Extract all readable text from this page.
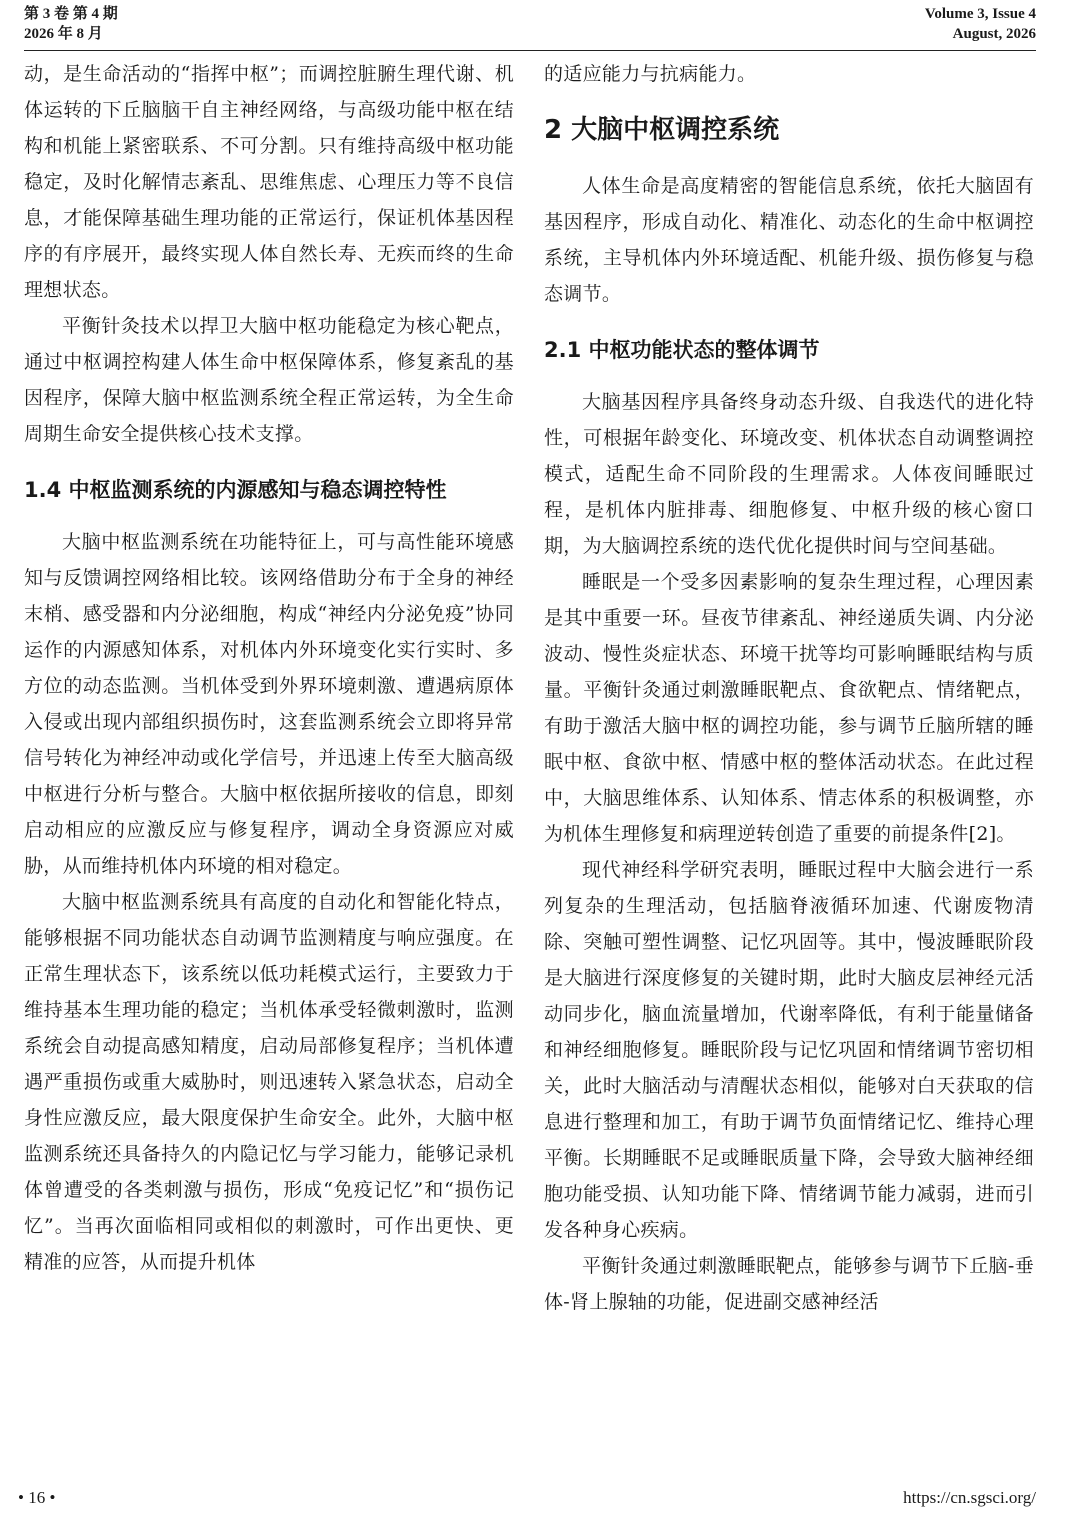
第 3 卷 第 4 期
2026 年 8 月
Volume 3, Issue 4
August, 2026

动，是生命活动的“指挥中枢”；而调控脏腑生理代谢、机体运转的下丘脑脑干自主神经网络，与高级功能中枢在结构和机能上紧密联系、不可分割。只有维持高级中枢功能稳定，及时化解情志紊乱、思维焦虑、心理压力等不良信息，才能保障基础生理功能的正常运行，保证机体基因程序的有序展开，最终实现人体自然长寿、无疾而终的生命理想状态。

平衡针灸技术以捍卫大脑中枢功能稳定为核心靶点，通过中枢调控构建人体生命中枢保障体系，修复紊乱的基因程序，保障大脑中枢监测系统全程正常运转，为全生命周期生命安全提供核心技术支撑。

1.4 中枢监测系统的内源感知与稳态调控特性

大脑中枢监测系统在功能特征上，可与高性能环境感知与反馈调控网络相比较。该网络借助分布于全身的神经末梢、感受器和内分泌细胞，构成“神经内分泌免疫”协同运作的内源感知体系，对机体内外环境变化实行实时、多方位的动态监测。当机体受到外界环境刺激、遭遇病原体入侵或出现内部组织损伤时，这套监测系统会立即将异常信号转化为神经冲动或化学信号，并迅速上传至大脑高级中枢进行分析与整合。大脑中枢依据所接收的信息，即刻启动相应的应激反应与修复程序，调动全身资源应对威胁，从而维持机体内环境的相对稳定。

大脑中枢监测系统具有高度的自动化和智能化特点，能够根据不同功能状态自动调节监测精度与响应强度。在正常生理状态下，该系统以低功耗模式运行，主要致力于维持基本生理功能的稳定；当机体承受轻微刺激时，监测系统会自动提高感知精度，启动局部修复程序；当机体遭遇严重损伤或重大威胁时，则迅速转入紧急状态，启动全身性应激反应，最大限度保护生命安全。此外，大脑中枢监测系统还具备持久的内隐记忆与学习能力，能够记录机体曾遭受的各类刺激与损伤，形成“免疫记忆”和“损伤记忆”。当再次面临相同或相似的刺激时，可作出更快、更精准的应答，从而提升机体

的适应能力与抗病能力。

2 大脑中枢调控系统

人体生命是高度精密的智能信息系统，依托大脑固有基因程序，形成自动化、精准化、动态化的生命中枢调控系统，主导机体内外环境适配、机能升级、损伤修复与稳态调节。

2.1 中枢功能状态的整体调节

大脑基因程序具备终身动态升级、自我迭代的进化特性，可根据年龄变化、环境改变、机体状态自动调整调控模式，适配生命不同阶段的生理需求。人体夜间睡眠过程，是机体内脏排毒、细胞修复、中枢升级的核心窗口期，为大脑调控系统的迭代优化提供时间与空间基础。

睡眠是一个受多因素影响的复杂生理过程，心理因素是其中重要一环。昼夜节律紊乱、神经递质失调、内分泌波动、慢性炎症状态、环境干扰等均可影响睡眠结构与质量。平衡针灸通过刺激睡眠靶点、食欲靶点、情绪靶点，有助于激活大脑中枢的调控功能，参与调节丘脑所辖的睡眠中枢、食欲中枢、情感中枢的整体活动状态。在此过程中，大脑思维体系、认知体系、情志体系的积极调整，亦为机体生理修复和病理逆转创造了重要的前提条件[2]。

现代神经科学研究表明，睡眠过程中大脑会进行一系列复杂的生理活动，包括脑脊液循环加速、代谢废物清除、突触可塑性调整、记忆巩固等。其中，慢波睡眠阶段是大脑进行深度修复的关键时期，此时大脑皮层神经元活动同步化，脑血流量增加，代谢率降低，有利于能量储备和神经细胞修复。睡眠阶段与记忆巩固和情绪调节密切相关，此时大脑活动与清醒状态相似，能够对白天获取的信息进行整理和加工，有助于调节负面情绪记忆、维持心理平衡。长期睡眠不足或睡眠质量下降，会导致大脑神经细胞功能受损、认知功能下降、情绪调节能力减弱，进而引发各种身心疾病。

平衡针灸通过刺激睡眠靶点，能够参与调节下丘脑-垂体-肾上腺轴的功能，促进副交感神经活

• 16 •	https://cn.sgsci.org/
